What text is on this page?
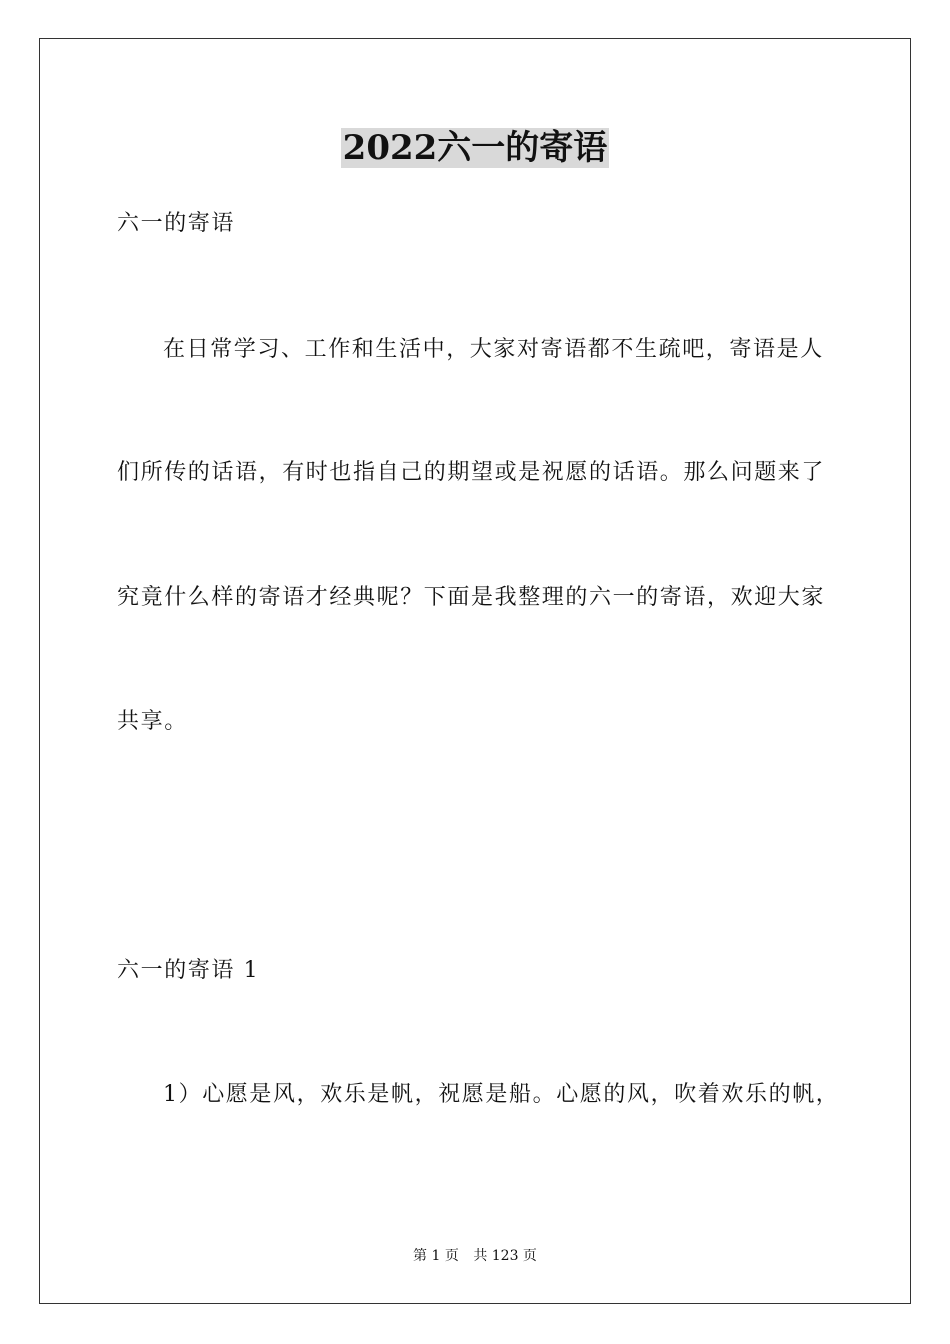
2022六一的寄语
六一的寄语
在日常学习、工作和生活中，大家对寄语都不生疏吧，寄语是人
们所传的话语，有时也指自己的期望或是祝愿的话语。那么问题来了
究竟什么样的寄语才经典呢？下面是我整理的六一的寄语，欢迎大家
共享。
六一的寄语 1
1）心愿是风，欢乐是帆，祝愿是船。心愿的风，吹着欢乐的帆，
第 1 页 共 123 页
